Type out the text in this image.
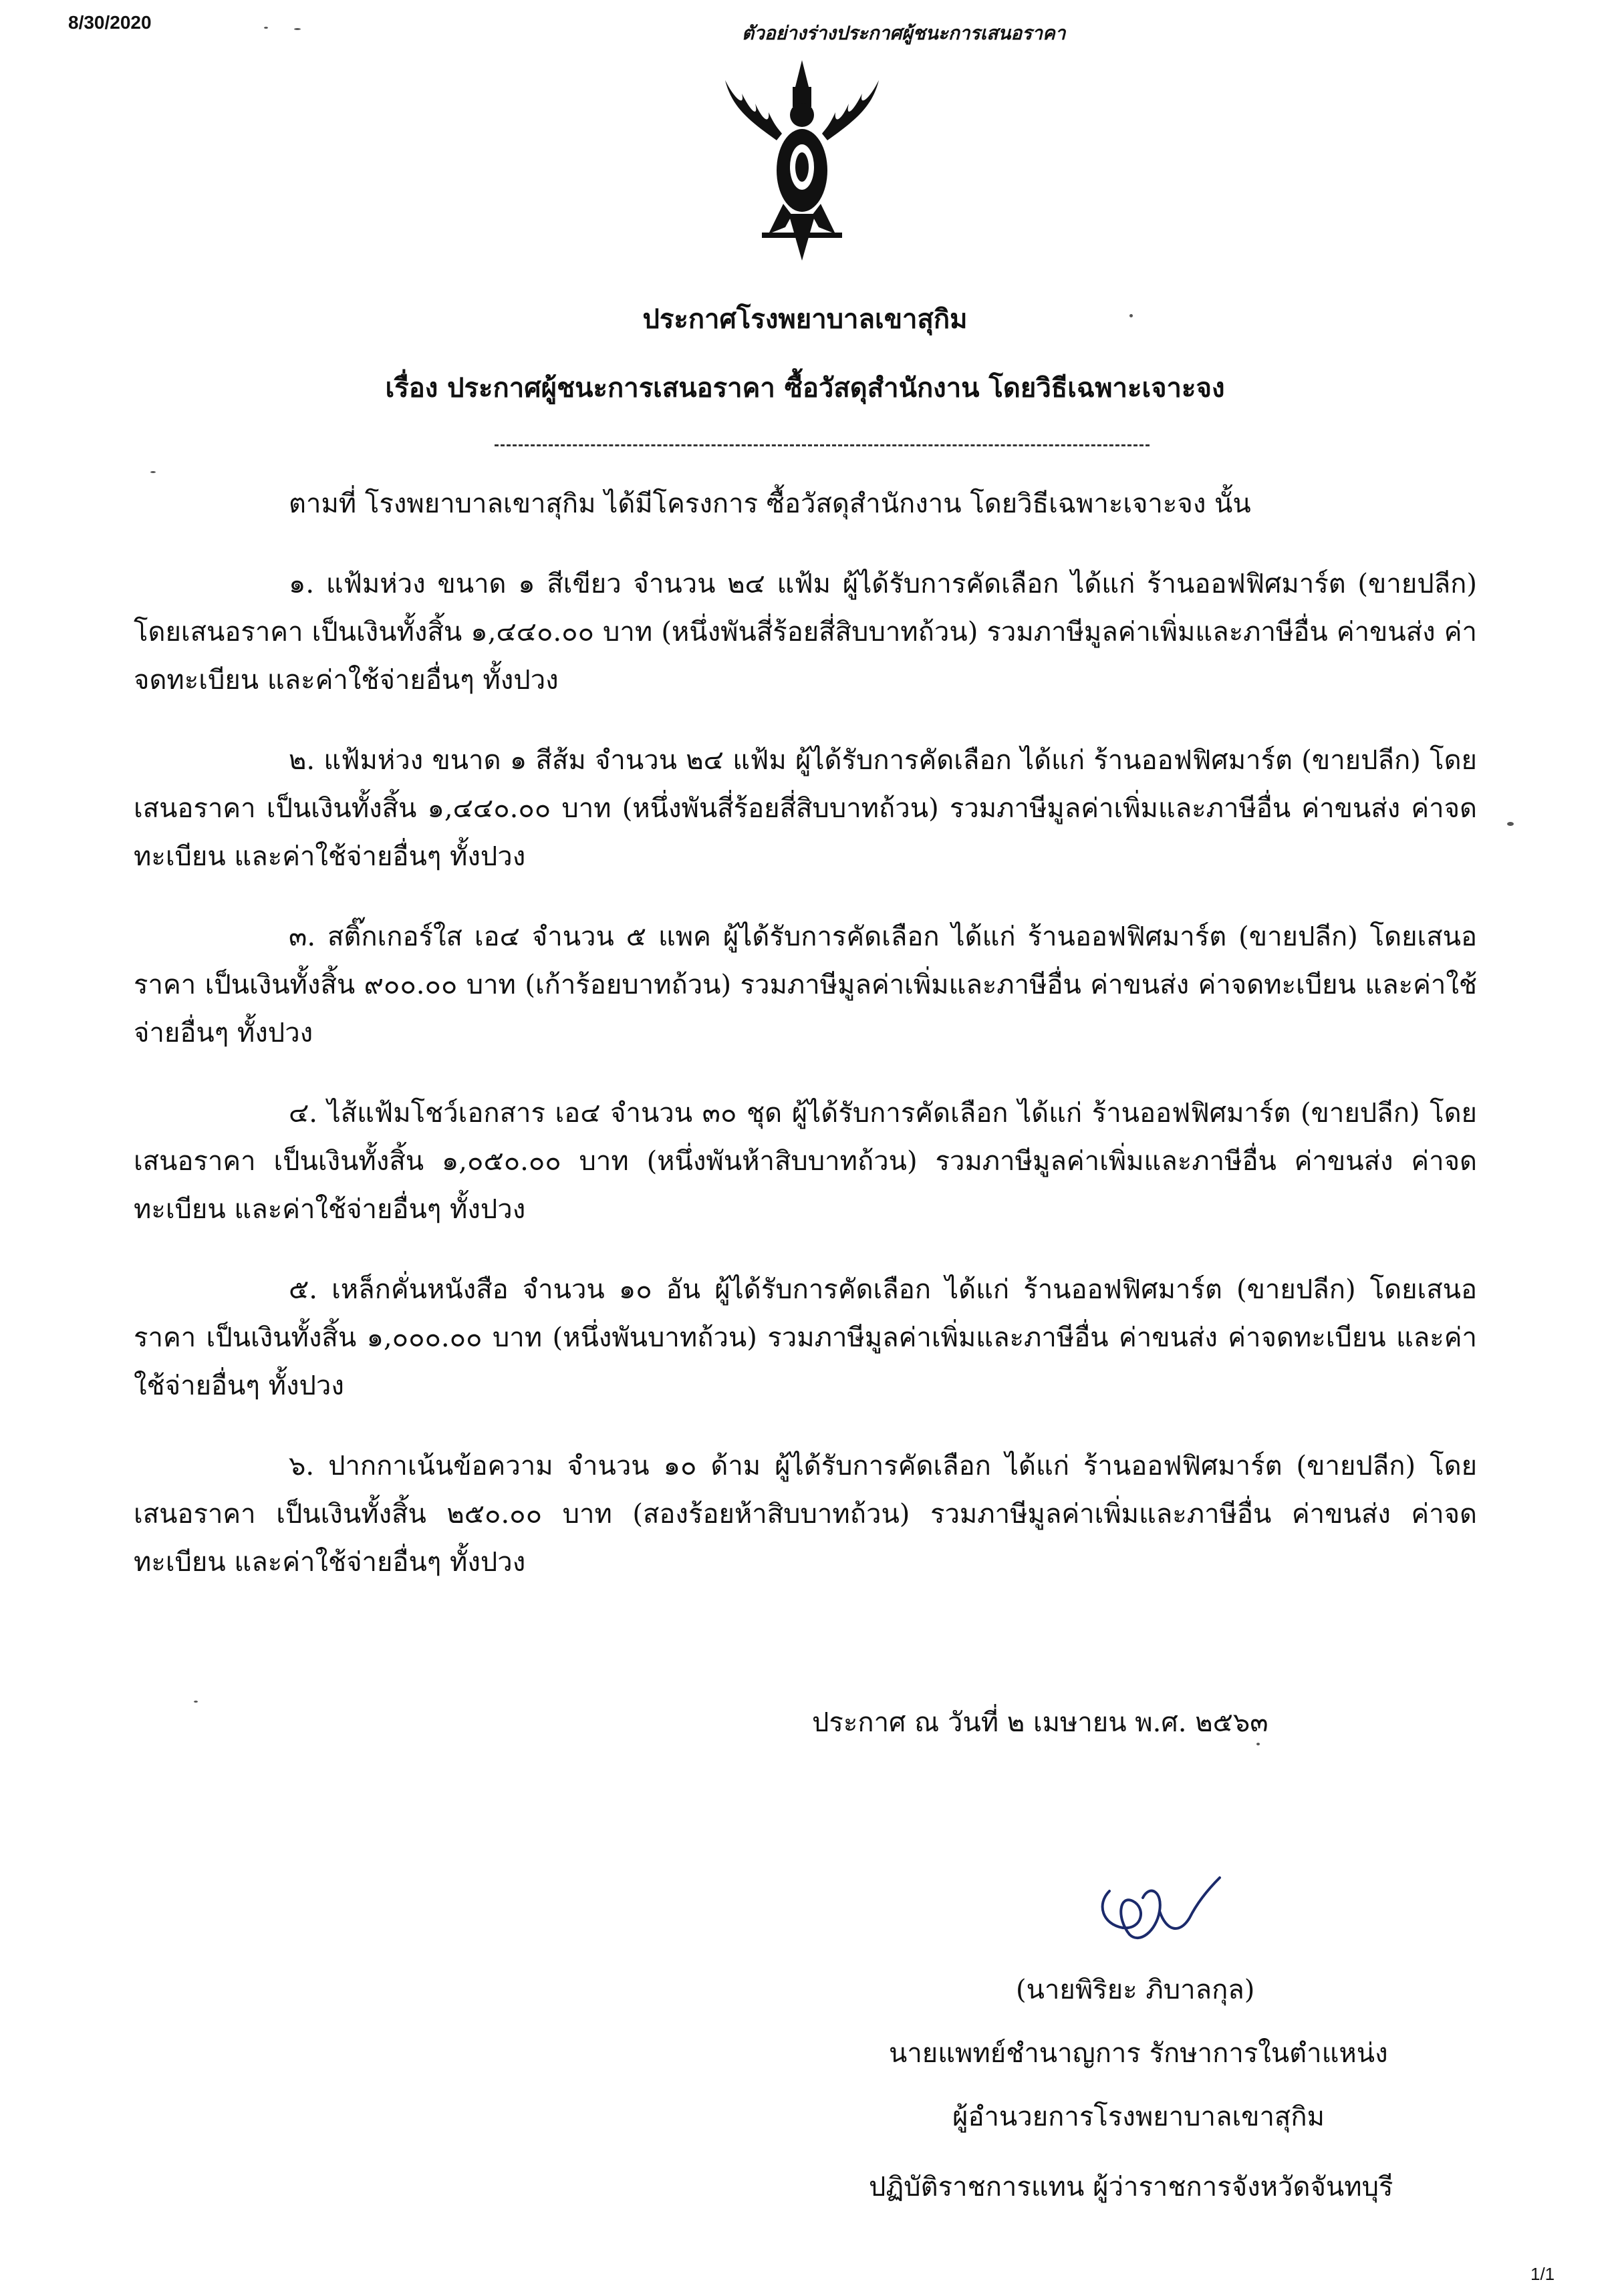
8/30/2020	ตัวอย่างร่างประกาศผู้ชนะการเสนอราคา
ประกาศโรงพยาบาลเขาสุกิม
เรื่อง ประกาศผู้ชนะการเสนอราคา ซื้อวัสดุสำนักงาน โดยวิธีเฉพาะเจาะจง

ตามที่ โรงพยาบาลเขาสุกิม ได้มีโครงการ ซื้อวัสดุสำนักงาน โดยวิธีเฉพาะเจาะจง นั้น

๑. แฟ้มห่วง ขนาด ๑ สีเขียว จำนวน ๒๔ แฟ้ม ผู้ได้รับการคัดเลือก ได้แก่ ร้านออฟฟิศมาร์ต (ขายปลีก) โดยเสนอราคา เป็นเงินทั้งสิ้น ๑,๔๔๐.๐๐ บาท (หนึ่งพันสี่ร้อยสี่สิบบาทถ้วน) รวมภาษีมูลค่าเพิ่มและภาษีอื่น ค่าขนส่ง ค่าจดทะเบียน และค่าใช้จ่ายอื่นๆ ทั้งปวง

๒. แฟ้มห่วง ขนาด ๑ สีส้ม จำนวน ๒๔ แฟ้ม ผู้ได้รับการคัดเลือก ได้แก่ ร้านออฟฟิศมาร์ต (ขายปลีก) โดยเสนอราคา เป็นเงินทั้งสิ้น ๑,๔๔๐.๐๐ บาท (หนึ่งพันสี่ร้อยสี่สิบบาทถ้วน) รวมภาษีมูลค่าเพิ่มและภาษีอื่น ค่าขนส่ง ค่าจดทะเบียน และค่าใช้จ่ายอื่นๆ ทั้งปวง

๓. สติ๊กเกอร์ใส เอ๔ จำนวน ๕ แพค ผู้ได้รับการคัดเลือก ได้แก่ ร้านออฟฟิศมาร์ต (ขายปลีก) โดยเสนอราคา เป็นเงินทั้งสิ้น ๙๐๐.๐๐ บาท (เก้าร้อยบาทถ้วน) รวมภาษีมูลค่าเพิ่มและภาษีอื่น ค่าขนส่ง ค่าจดทะเบียน และค่าใช้จ่ายอื่นๆ ทั้งปวง

๔. ไส้แฟ้มโชว์เอกสาร เอ๔ จำนวน ๓๐ ชุด ผู้ได้รับการคัดเลือก ได้แก่ ร้านออฟฟิศมาร์ต (ขายปลีก) โดยเสนอราคา เป็นเงินทั้งสิ้น ๑,๐๕๐.๐๐ บาท (หนึ่งพันห้าสิบบาทถ้วน) รวมภาษีมูลค่าเพิ่มและภาษีอื่น ค่าขนส่ง ค่าจดทะเบียน และค่าใช้จ่ายอื่นๆ ทั้งปวง

๕. เหล็กคั่นหนังสือ จำนวน ๑๐ อัน ผู้ได้รับการคัดเลือก ได้แก่ ร้านออฟฟิศมาร์ต (ขายปลีก) โดยเสนอราคา เป็นเงินทั้งสิ้น ๑,๐๐๐.๐๐ บาท (หนึ่งพันบาทถ้วน) รวมภาษีมูลค่าเพิ่มและภาษีอื่น ค่าขนส่ง ค่าจดทะเบียน และค่าใช้จ่ายอื่นๆ ทั้งปวง

๖. ปากกาเน้นข้อความ จำนวน ๑๐ ด้าม ผู้ได้รับการคัดเลือก ได้แก่ ร้านออฟฟิศมาร์ต (ขายปลีก) โดยเสนอราคา เป็นเงินทั้งสิ้น ๒๕๐.๐๐ บาท (สองร้อยห้าสิบบาทถ้วน) รวมภาษีมูลค่าเพิ่มและภาษีอื่น ค่าขนส่ง ค่าจดทะเบียน และค่าใช้จ่ายอื่นๆ ทั้งปวง

ประกาศ ณ วันที่ ๒ เมษายน พ.ศ. ๒๕๖๓
(นายพิริยะ ภิบาลกุล)
นายแพทย์ชำนาญการ รักษาการในตำแหน่ง
ผู้อำนวยการโรงพยาบาลเขาสุกิม
ปฏิบัติราชการแทน ผู้ว่าราชการจังหวัดจันทบุรี
1/1
